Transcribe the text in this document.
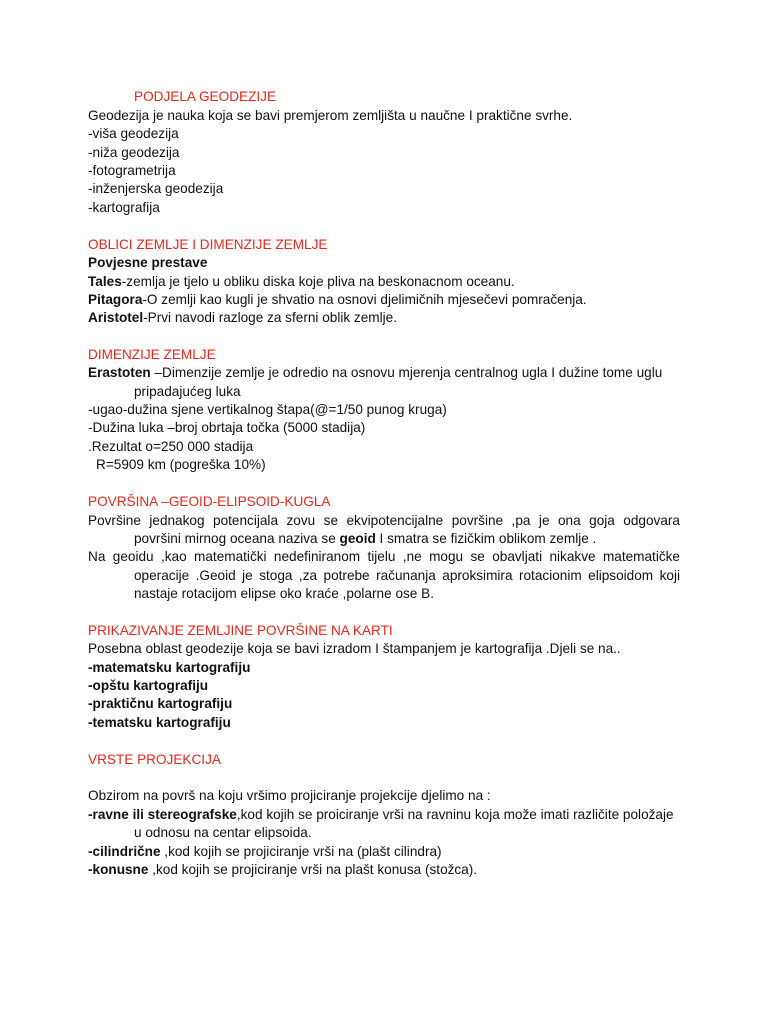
PODJELA GEODEZIJE
Geodezija je nauka koja se bavi premjerom zemljišta u naučne I praktične svrhe.
-viša geodezija
-niža geodezija
-fotogrametrija
-inženjerska geodezija
-kartografija
OBLICI ZEMLJE I DIMENZIJE ZEMLJE
Povjesne prestave
Tales-zemlja je tjelo u obliku diska koje pliva na beskonacnom oceanu.
Pitagora-O zemlji kao kugli je shvatio na osnovi djelimičnih mjesečevi pomračenja.
Aristotel-Prvi navodi razloge za sferni oblik zemlje.
DIMENZIJE ZEMLJE
Erastoten –Dimenzije zemlje je odredio na osnovu mjerenja centralnog ugla I dužine tome uglu
pripadajućeg luka
-ugao-dužina sjene vertikalnog štapa(@=1/50 punog kruga)
-Dužina luka –broj obrtaja točka (5000 stadija)
.Rezultat o=250 000 stadija
R=5909 km (pogreška 10%)
POVRŠINA –GEOID-ELIPSOID-KUGLA
Površine jednakog potencijala zovu se ekvipotencijalne površine ,pa je ona goja odgovara
površini mirnog oceana naziva se geoid I smatra se fizičkim oblikom zemlje .
Na geoidu ,kao matematički nedefiniranom tijelu ,ne mogu se obavljati nikakve matematičke
operacije .Geoid je stoga ,za potrebe računanja aproksimira rotacionim elipsoidom koji
nastaje rotacijom elipse oko kraće ,polarne ose B.
PRIKAZIVANJE ZEMLJINE POVRŠINE NA KARTI
Posebna oblast geodezije koja se bavi izradom I štampanjem je kartografija .Djeli se na..
-matematsku kartografiju
-opštu kartografiju
-praktičnu kartografiju
-tematsku kartografiju
VRSTE PROJEKCIJA
Obzirom na površ na koju vršimo projiciranje projekcije djelimo na :
-ravne ili stereografske,kod kojih se proiciranje vrši na ravninu koja može imati različite položaje
u odnosu na centar elipsoida.
-cilindrične ,kod kojih se projiciranje vrši na (plašt cilindra)
-konusne ,kod kojih se projiciranje vrši na plašt konusa (stožca).
